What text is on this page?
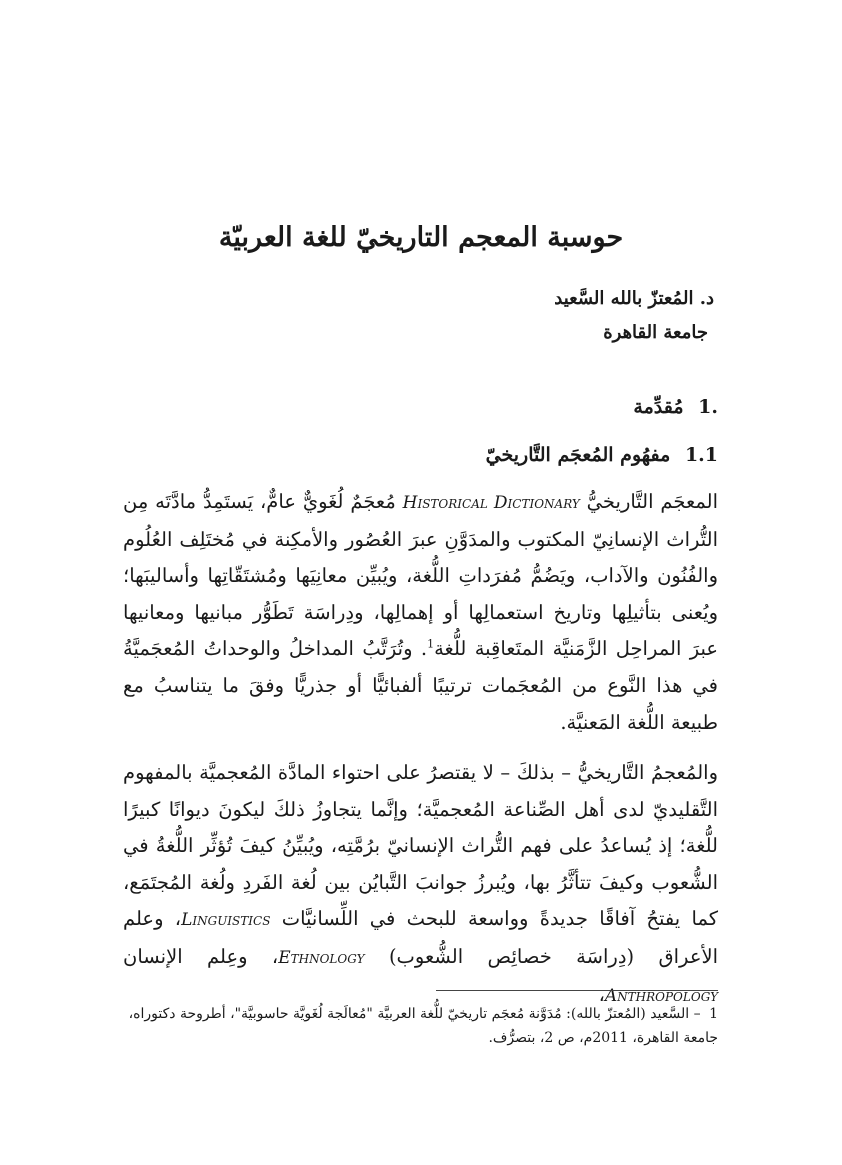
حوسبة المعجم التاريخيّ للغة العربيّة
د. المُعتزّ بالله السَّعيد
جامعة القاهرة
1. مُقدِّمة
1.1 مفهُوم المُعجَم التَّاريخيّ

المعجَم التَّاريخيُّ Historical Dictionary مُعجَمٌ لُغَويٌّ عامٌّ، يَستَمِدُّ مادَّتَه مِن التُّراث الإنسانِيّ المكتوب والمدَوَّنِ عبرَ العُصُور والأمكِنة في مُختَلِف العُلُوم والفُنُون والآداب، ويَضُمُّ مُفرَداتِ اللُّغة، ويُبيِّن معانِيَها ومُشتَقّاتِها وأساليبَها؛ ويُعنى بتأثيلِها وتاريخ استعمالِها أو إهمالِها، ودِراسَة تَطَوُّر مبانيها ومعانيها عبرَ المراحِل الزَّمَنيَّة المتَعاقِبة للُّغة$^1$. وتُرَتَّبُ المداخلُ والوحداتُ المُعجَميَّةُ في هذا النَّوع من المُعجَمات ترتيبًا ألفبائيًّا أو جذريًّا وفقَ ما يتناسبُ مع طبيعة اللُّغة المَعنيَّة.

والمُعجمُ التَّاريخيُّ – بذلكَ – لا يقتصرُ على احتواء المادَّة المُعجميَّة بالمفهوم التَّقليديّ لدى أهل الصِّناعة المُعجميَّة؛ وإنَّما يتجاوزُ ذلكَ ليكونَ ديوانًا كبيرًا للُّغة؛ إذ يُساعدُ على فهم التُّراث الإنسانيّ برُمَّتِه، ويُبيِّنُ كيفَ تُؤثِّر اللُّغةُ في الشُّعوب وكيفَ تتأثَّرُ بها، ويُبرزُ جوانبَ التَّبايُن بين لُغة الفَردِ ولُغة المُجتَمَع، كما يفتحُ آفاقًا جديدةً وواسعة للبحث في اللِّسانيَّات Linguistics، وعلم الأعراق (دِراسَة خصائِص الشُّعوب) Ethnology، وعِلم الإنسان Anthropology،

1 – السَّعيد (المُعتزّ بالله): مُدَوَّنة مُعجَم تاريخيّ للُّغة العربيَّة "مُعالَجة لُغَويَّة حاسوبيَّة"، أطروحة دكتوراه، جامعة القاهرة، 2011م، ص 2، بتصرُّف.
